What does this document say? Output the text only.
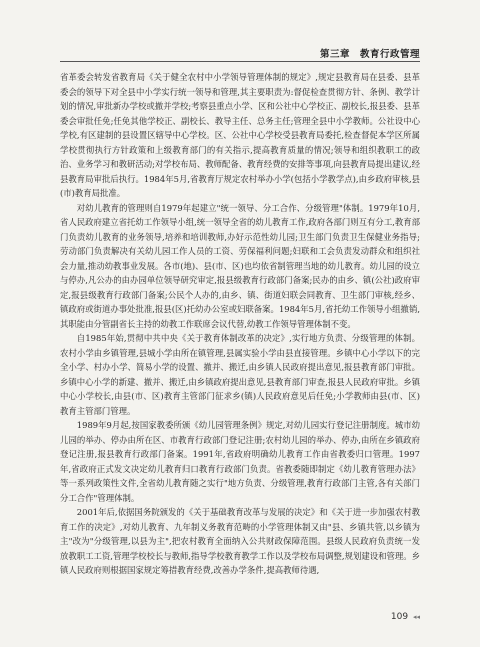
第三章　教育行政管理

省革委会转发省教育局《关于健全农村中小学领导管理体制的规定》,规定县教育局在县委、县革委会的领导下对全县中小学实行统一领导和管理,其主要职责为:督促检查贯彻方针、条例、教学计划的情况,审批新办学校或撤并学校;考察县重点小学、区和公社中心学校正、副校长,报县委、县革委会审批任免;任免其他学校正、副校长、教导主任、总务主任;管理全县中小学教师。公社设中心学校,有区建制的县设置区辖导中心学校。区、公社中心学校受县教育局委托,检查督促本学区所属学校贯彻执行方针政策和上级教育部门的有关指示,提高教育质量的情况;领导和组织教职工的政治、业务学习和教研活动;对学校布局、教师配备、教育经费的安排等事项,向县教育局提出建议,经县教育局审批后执行。1984年5月,省教育厅规定农村举办小学(包括小学教学点),由乡政府审核,县(市)教育局批准。

对幼儿教育的管理则自1979年起建立"统一领导、分工合作、分级管理"体制。1979年10月,省人民政府建立省托幼工作领导小组,统一领导全省的幼儿教育工作,政府各部门则互有分工,教育部门负责幼儿教育的业务领导,培养和培训教师,办好示范性幼儿园;卫生部门负责卫生保健业务指导;劳动部门负责解决有关幼儿园工作人员的工资、劳保福利问题;妇联和工会负责发动群众和组织社会力量,推动幼教事业发展。各市(地)、县(市、区)也均依省制管理当地的幼儿教育。幼儿园的设立与停办,凡公办的由办园单位领导研究审定,报县级教育行政部门备案;民办的由乡、镇(公社)政府审定,报县级教育行政部门备案;公民个人办的,由乡、镇、街道妇联会同教育、卫生部门审核,经乡、镇政府或街道办事处批准,报县(区)托幼办公室或妇联备案。1984年5月,省托幼工作领导小组撤销,其职能由分管副省长主持的幼教工作联席会议代替,幼教工作领导管理体制不变。

自1985年始,贯彻中共中央《关于教育体制改革的决定》,实行地方负责、分级管理的体制。农村小学由乡镇管理,县城小学由所在镇管理,县属实验小学由县直接管理。乡镇中心小学以下的完全小学、村办小学、简易小学的设置、撤并、搬迁,由乡镇人民政府提出意见,报县教育部门审批。乡镇中心小学的新建、撤并、搬迁,由乡镇政府提出意见,县教育部门审查,报县人民政府审批。乡镇中心小学校长,由县(市、区)教育主管部门征求乡(镇)人民政府意见后任免;小学教师由县(市、区)教育主管部门管理。

1989年9月起,按国家教委所颁《幼儿园管理条例》规定,对幼儿园实行登记注册制度。城市幼儿园的举办、停办由所在区、市教育行政部门登记注册;农村幼儿园的举办、停办,由所在乡镇政府登记注册,报县教育行政部门备案。1991年,省政府明确幼儿教育工作由省教委归口管理。1997年,省政府正式发文决定幼儿教育归口教育行政部门负责。省教委随即制定《幼儿教育管理办法》等一系列政策性文件,全省幼儿教育随之实行"地方负责、分级管理,教育行政部门主管,各有关部门分工合作"管理体制。

2001年后,依据国务院颁发的《关于基础教育改革与发展的决定》和《关于进一步加强农村教育工作的决定》,对幼儿教育、九年制义务教育范畴的小学管理体制又由"县、乡镇共管,以乡镇为主"改为"分级管理,以县为主",把农村教育全面纳入公共财政保障范围。县级人民政府负责统一发放教职工工资,管理学校校长与教师,指导学校教育教学工作以及学校布局调整,规划建设和管理。乡镇人民政府则根据国家规定筹措教育经费,改善办学条件,提高教师待遇,

109 ◂◂
